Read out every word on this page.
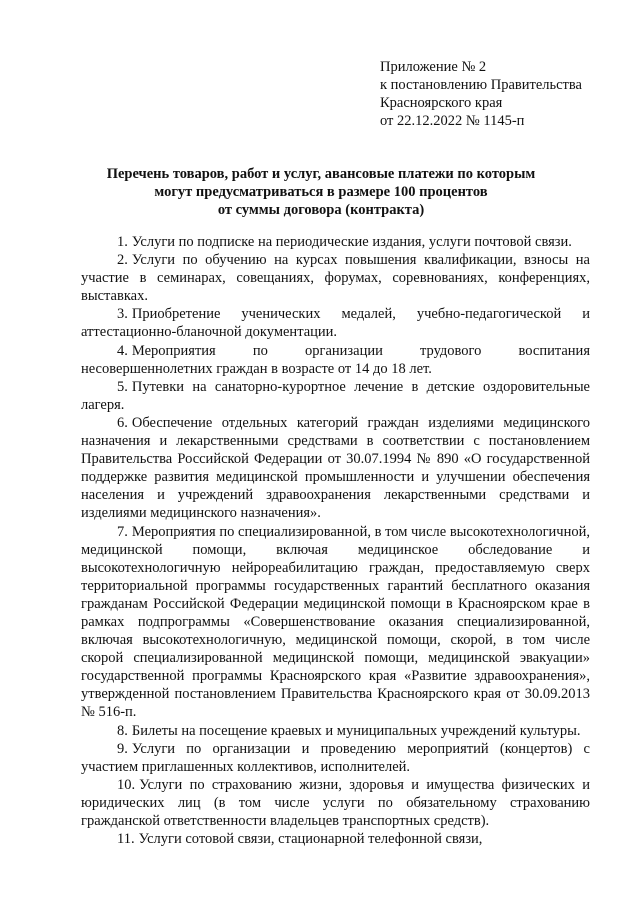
Приложение № 2
к постановлению Правительства
Красноярского края
от 22.12.2022 № 1145-п
Перечень товаров, работ и услуг, авансовые платежи по которым
могут предусматриваться в размере 100 процентов
от суммы договора (контракта)

1. Услуги по подписке на периодические издания, услуги почтовой связи.

2. Услуги по обучению на курсах повышения квалификации, взносы на участие в семинарах, совещаниях, форумах, соревнованиях, конференциях, выставках.

3. Приобретение ученических медалей, учебно-педагогической и аттестационно-бланочной документации.

4. Мероприятия по организации трудового воспитания несовершеннолетних граждан в возрасте от 14 до 18 лет.

5. Путевки на санаторно-курортное лечение в детские оздоровительные лагеря.

6. Обеспечение отдельных категорий граждан изделиями медицинского назначения и лекарственными средствами в соответствии с постановлением Правительства Российской Федерации от 30.07.1994 № 890 «О государственной поддержке развития медицинской промышленности и улучшении обеспечения населения и учреждений здравоохранения лекарственными средствами и изделиями медицинского назначения».

7. Мероприятия по специализированной, в том числе высокотехнологичной, медицинской помощи, включая медицинское обследование и высокотехнологичную нейрореабилитацию граждан, предоставляемую сверх территориальной программы государственных гарантий бесплатного оказания гражданам Российской Федерации медицинской помощи в Красноярском крае в рамках подпрограммы «Совершенствование оказания специализированной, включая высокотехнологичную, медицинской помощи, скорой, в том числе скорой специализированной медицинской помощи, медицинской эвакуации» государственной программы Красноярского края «Развитие здравоохранения», утвержденной постановлением Правительства Красноярского края от 30.09.2013 № 516-п.

8. Билеты на посещение краевых и муниципальных учреждений культуры.

9. Услуги по организации и проведению мероприятий (концертов) с участием приглашенных коллективов, исполнителей.

10. Услуги по страхованию жизни, здоровья и имущества физических и юридических лиц (в том числе услуги по обязательному страхованию гражданской ответственности владельцев транспортных средств).

11. Услуги сотовой связи, стационарной телефонной связи,
